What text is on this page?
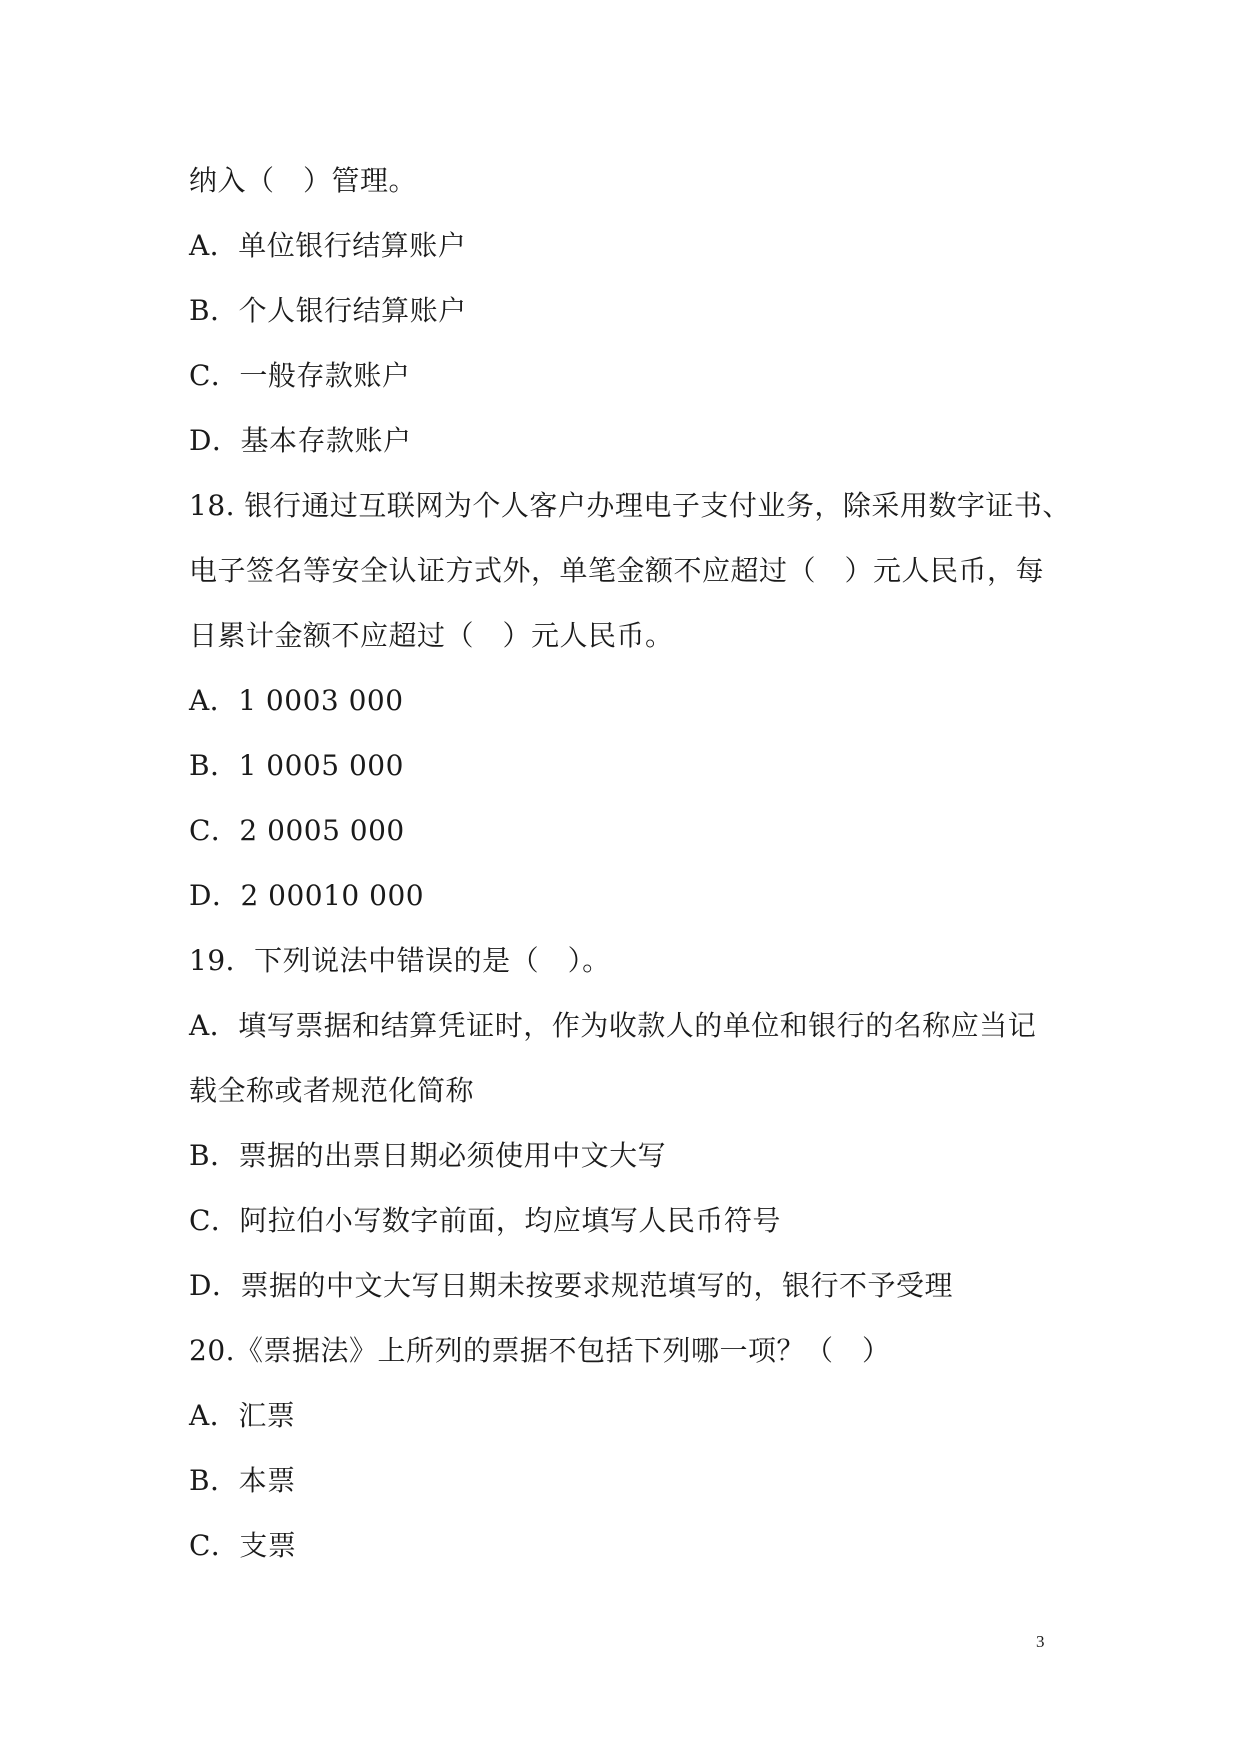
纳入（　）管理。
A．单位银行结算账户
B．个人银行结算账户
C．一般存款账户
D．基本存款账户
18. 银行通过互联网为个人客户办理电子支付业务，除采用数字证书、
电子签名等安全认证方式外，单笔金额不应超过（　）元人民币，每
日累计金额不应超过（　）元人民币。
A．1 0003 000
B．1 0005 000
C．2 0005 000
D．2 00010 000
19．下列说法中错误的是（　）。
A．填写票据和结算凭证时，作为收款人的单位和银行的名称应当记
载全称或者规范化简称
B．票据的出票日期必须使用中文大写
C．阿拉伯小写数字前面，均应填写人民币符号
D．票据的中文大写日期未按要求规范填写的，银行不予受理
20.《票据法》上所列的票据不包括下列哪一项？（　）
A．汇票
B．本票
C．支票
3
